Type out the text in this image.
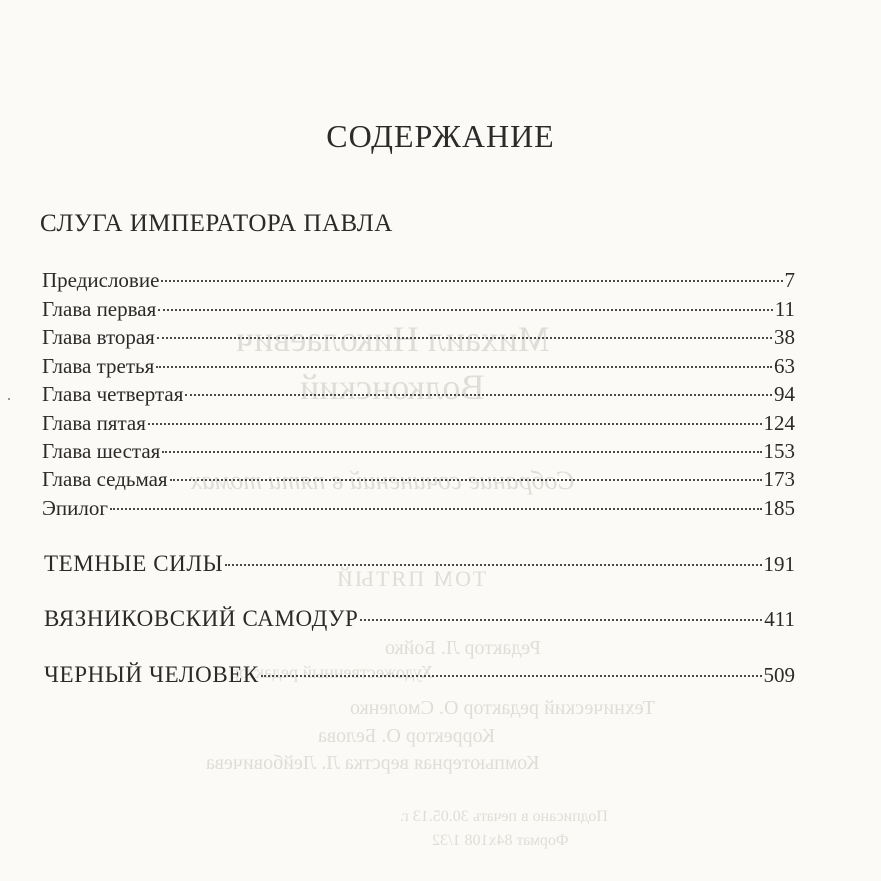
Михаил Николаевич
Волконский
Собрание сочинений в пяти томах
ТОМ ПЯТЫЙ
Редактор Л. Бойко
Художественный редактор
Технический редактор О. Смоленко
Корректор О. Белова
Компьютерная верстка Л. Лейбовичева
Подписано в печать 30.05.13 г.
Формат 84x108 1/32
СОДЕРЖАНИЕ
СЛУГА ИМПЕРАТОРА ПАВЛА
Предисловие	7
Глава первая	11
Глава вторая	38
Глава третья	63
Глава четвертая	94
Глава пятая	124
Глава шестая	153
Глава седьмая	173
Эпилог	185
ТЕМНЫЕ СИЛЫ	191
ВЯЗНИКОВСКИЙ САМОДУР	411
ЧЕРНЫЙ ЧЕЛОВЕК	509
